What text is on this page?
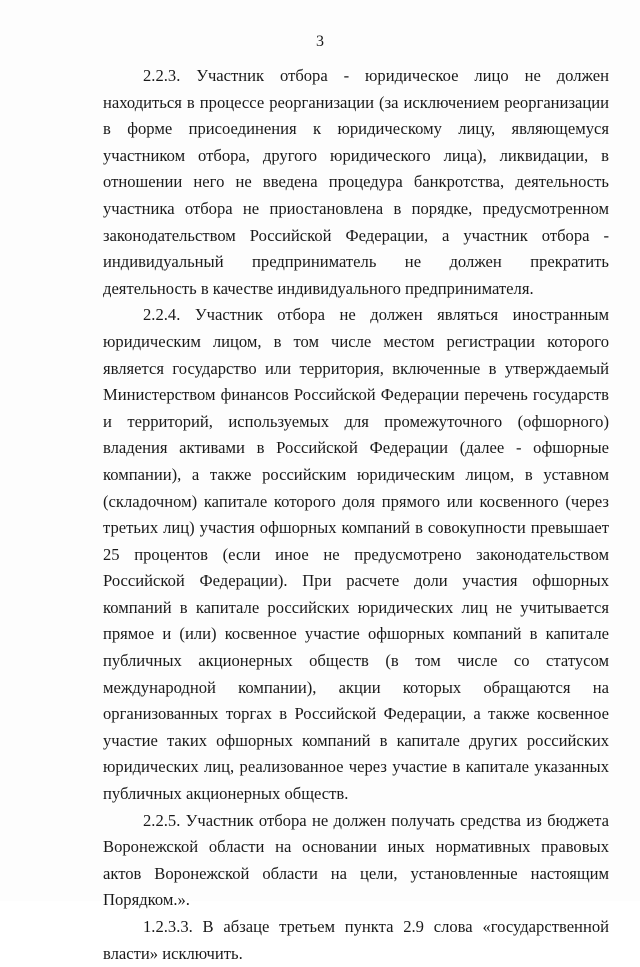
3

2.2.3. Участник отбора - юридическое лицо не должен находиться в процессе реорганизации (за исключением реорганизации в форме присоединения к юридическому лицу, являющемуся участником отбора, другого юридического лица), ликвидации, в отношении него не введена процедура банкротства, деятельность участника отбора не приостановлена в порядке, предусмотренном законодательством Российской Федерации, а участник отбора - индивидуальный предприниматель не должен прекратить деятельность в качестве индивидуального предпринимателя.

2.2.4. Участник отбора не должен являться иностранным юридическим лицом, в том числе местом регистрации которого является государство или территория, включенные в утверждаемый Министерством финансов Российской Федерации перечень государств и территорий, используемых для промежуточного (офшорного) владения активами в Российской Федерации (далее - офшорные компании), а также российским юридическим лицом, в уставном (складочном) капитале которого доля прямого или косвенного (через третьих лиц) участия офшорных компаний в совокупности превышает 25 процентов (если иное не предусмотрено законодательством Российской Федерации). При расчете доли участия офшорных компаний в капитале российских юридических лиц не учитывается прямое и (или) косвенное участие офшорных компаний в капитале публичных акционерных обществ (в том числе со статусом международной компании), акции которых обращаются на организованных торгах в Российской Федерации, а также косвенное участие таких офшорных компаний в капитале других российских юридических лиц, реализованное через участие в капитале указанных публичных акционерных обществ.

2.2.5. Участник отбора не должен получать средства из бюджета Воронежской области на основании иных нормативных правовых актов Воронежской области на цели, установленные настоящим Порядком.».

1.2.3.3. В абзаце третьем пункта 2.9 слова «государственной власти» исключить.
